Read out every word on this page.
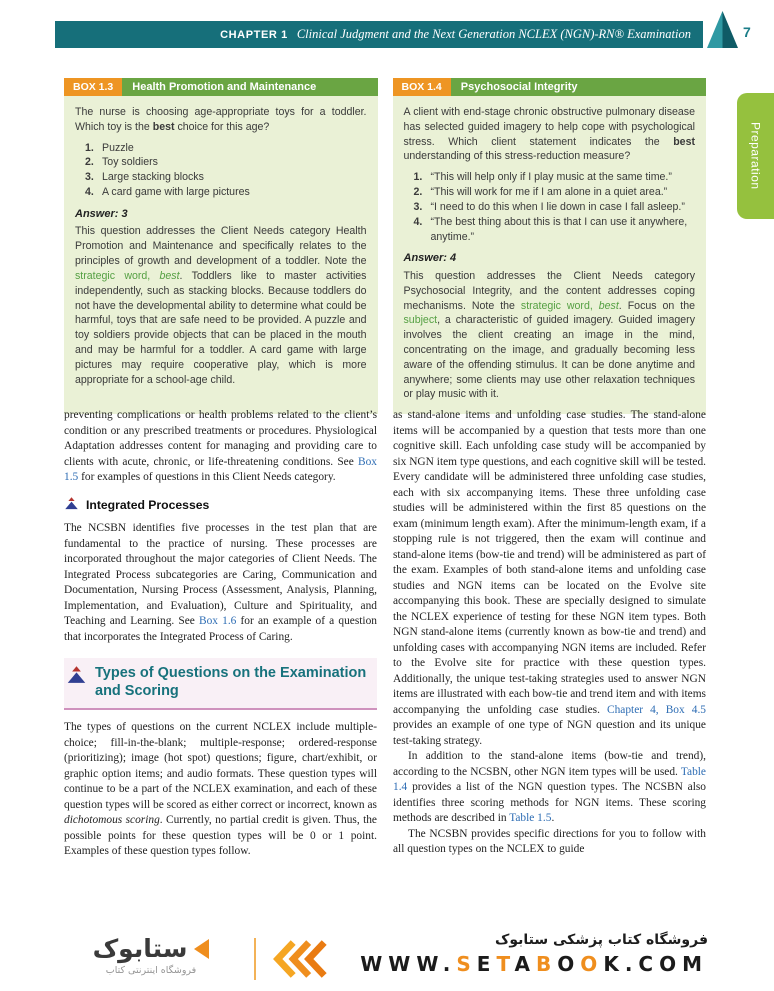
CHAPTER 1 Clinical Judgment and the Next Generation NCLEX (NGN)-RN® Examination	7
Preparation
BOX 1.3	Health Promotion and Maintenance

The nurse is choosing age-appropriate toys for a toddler. Which toy is the best choice for this age?

1. Puzzle
2. Toy soldiers
3. Large stacking blocks
4. A card game with large pictures
Answer: 3

This question addresses the Client Needs category Health Promotion and Maintenance and specifically relates to the principles of growth and development of a toddler. Note the strategic word, best. Toddlers like to master activities independently, such as stacking blocks. Because toddlers do not have the developmental ability to determine what could be harmful, toys that are safe need to be provided. A puzzle and toy soldiers provide objects that can be placed in the mouth and may be harmful for a toddler. A card game with large pictures may require cooperative play, which is more appropriate for a school-age child.

BOX 1.4	Psychosocial Integrity

A client with end-stage chronic obstructive pulmonary disease has selected guided imagery to help cope with psychological stress. Which client statement indicates the best understanding of this stress-reduction measure?

1. “This will help only if I play music at the same time.”
2. “This will work for me if I am alone in a quiet area.”
3. “I need to do this when I lie down in case I fall asleep.”
4. “The best thing about this is that I can use it anywhere, anytime.”
Answer: 4

This question addresses the Client Needs category Psychosocial Integrity, and the content addresses coping mechanisms. Note the strategic word, best. Focus on the subject, a characteristic of guided imagery. Guided imagery involves the client creating an image in the mind, concentrating on the image, and gradually becoming less aware of the offending stimulus. It can be done anytime and anywhere; some clients may use other relaxation techniques or play music with it.

preventing complications or health problems related to the client’s condition or any prescribed treatments or procedures. Physiological Adaptation addresses content for managing and providing care to clients with acute, chronic, or life-threatening conditions. See Box 1.5 for examples of questions in this Client Needs category.

Integrated Processes

The NCSBN identifies five processes in the test plan that are fundamental to the practice of nursing. These processes are incorporated throughout the major categories of Client Needs. The Integrated Process subcategories are Caring, Communication and Documentation, Nursing Process (Assessment, Analysis, Planning, Implementation, and Evaluation), Culture and Spirituality, and Teaching and Learning. See Box 1.6 for an example of a question that incorporates the Integrated Process of Caring.

Types of Questions on the Examination and Scoring

The types of questions on the current NCLEX include multiple-choice; fill-in-the-blank; multiple-response; ordered-response (prioritizing); image (hot spot) questions; figure, chart/exhibit, or graphic option items; and audio formats. These question types will continue to be a part of the NCLEX examination, and each of these question types will be scored as either correct or incorrect, known as dichotomous scoring. Currently, no partial credit is given. Thus, the possible points for these question types will be 0 or 1 point. Examples of these question types follow.

as stand-alone items and unfolding case studies. The stand-alone items will be accompanied by a question that tests more than one cognitive skill. Each unfolding case study will be accompanied by six NGN item type questions, and each cognitive skill will be tested. Every candidate will be administered three unfolding case studies, each with six accompanying items. These three unfolding case studies will be administered within the first 85 questions on the exam (minimum length exam). After the minimum-length exam, if a stopping rule is not triggered, then the exam will continue and stand-alone items (bow-tie and trend) will be administered as part of the exam. Examples of both stand-alone items and unfolding case studies and NGN items can be located on the Evolve site accompanying this book. These are specially designed to simulate the NCLEX experience of testing for these NGN item types. Both NGN stand-alone items (currently known as bow-tie and trend) and unfolding cases with accompanying NGN items are included. Refer to the Evolve site for practice with these question types. Additionally, the unique test-taking strategies used to answer NGN items are illustrated with each bow-tie and trend item and with items accompanying the unfolding case studies. Chapter 4, Box 4.5 provides an example of one type of NGN question and its unique test-taking strategy.

In addition to the stand-alone items (bow-tie and trend), according to the NCSBN, other NGN item types will be used. Table 1.4 provides a list of the NGN question types. The NCSBN also identifies three scoring methods for NGN items. These scoring methods are described in Table 1.5.

The NCSBN provides specific directions for you to follow with all question types on the NCLEX to guide

ستابوک
فروشگاه اینترنتی کتاب
فروشگاه کتاب پزشکی ستابوک
WWW.SETABOOK.COM
